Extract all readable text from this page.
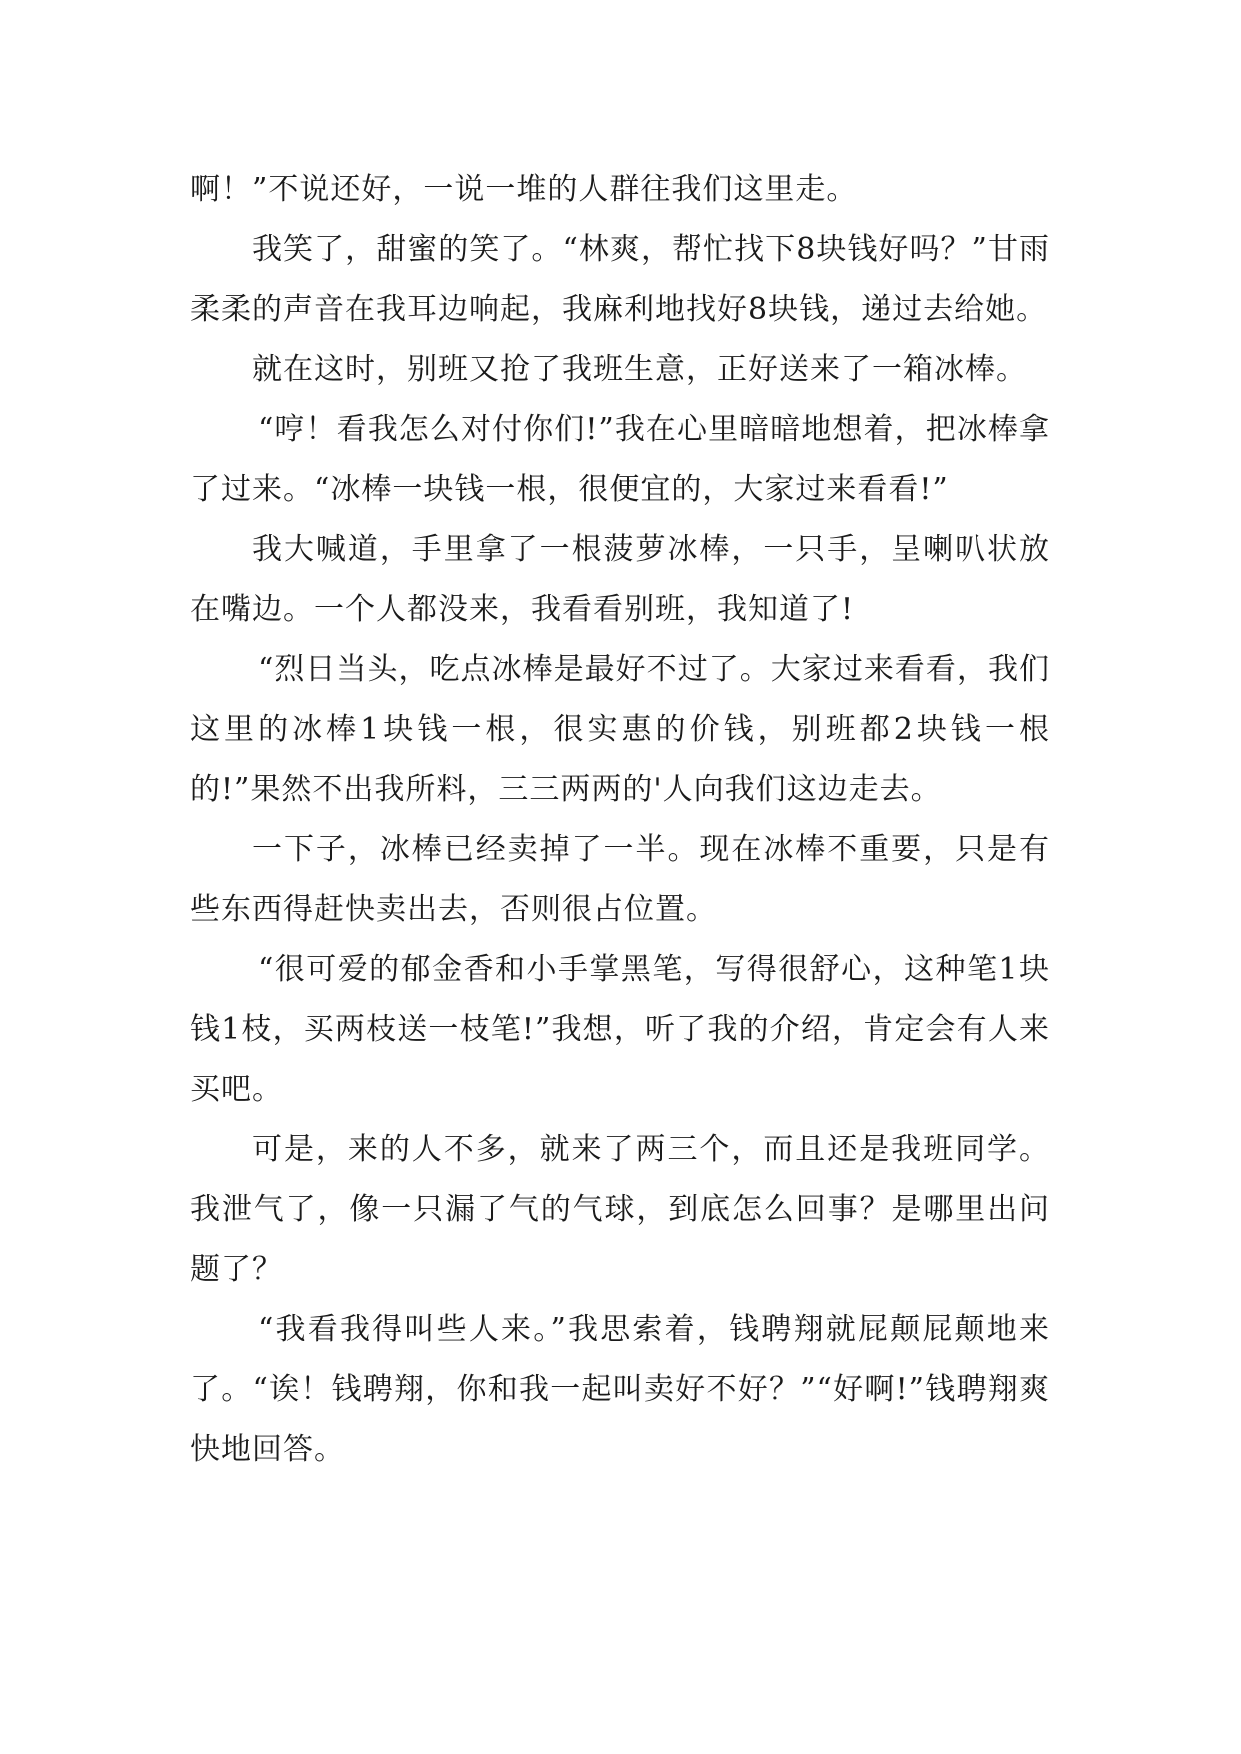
啊！”不说还好，一说一堆的人群往我们这里走。

我笑了，甜蜜的笑了。“林爽，帮忙找下8块钱好吗？”甘雨柔柔的声音在我耳边响起，我麻利地找好8块钱，递过去给她。

就在这时，别班又抢了我班生意，正好送来了一箱冰棒。

“哼！看我怎么对付你们!”我在心里暗暗地想着，把冰棒拿了过来。“冰棒一块钱一根，很便宜的，大家过来看看!”

我大喊道，手里拿了一根菠萝冰棒，一只手，呈喇叭状放在嘴边。一个人都没来，我看看别班，我知道了!

“烈日当头，吃点冰棒是最好不过了。大家过来看看，我们这里的冰棒1块钱一根，很实惠的价钱，别班都2块钱一根的!”果然不出我所料，三三两两的'人向我们这边走去。

一下子，冰棒已经卖掉了一半。现在冰棒不重要，只是有些东西得赶快卖出去，否则很占位置。

“很可爱的郁金香和小手掌黑笔，写得很舒心，这种笔1块钱1枝，买两枝送一枝笔!”我想，听了我的介绍，肯定会有人来买吧。

可是，来的人不多，就来了两三个，而且还是我班同学。我泄气了，像一只漏了气的气球，到底怎么回事？是哪里出问题了？

“我看我得叫些人来。”我思索着，钱聘翔就屁颠屁颠地来了。“诶！钱聘翔，你和我一起叫卖好不好？”“好啊!”钱聘翔爽快地回答。
